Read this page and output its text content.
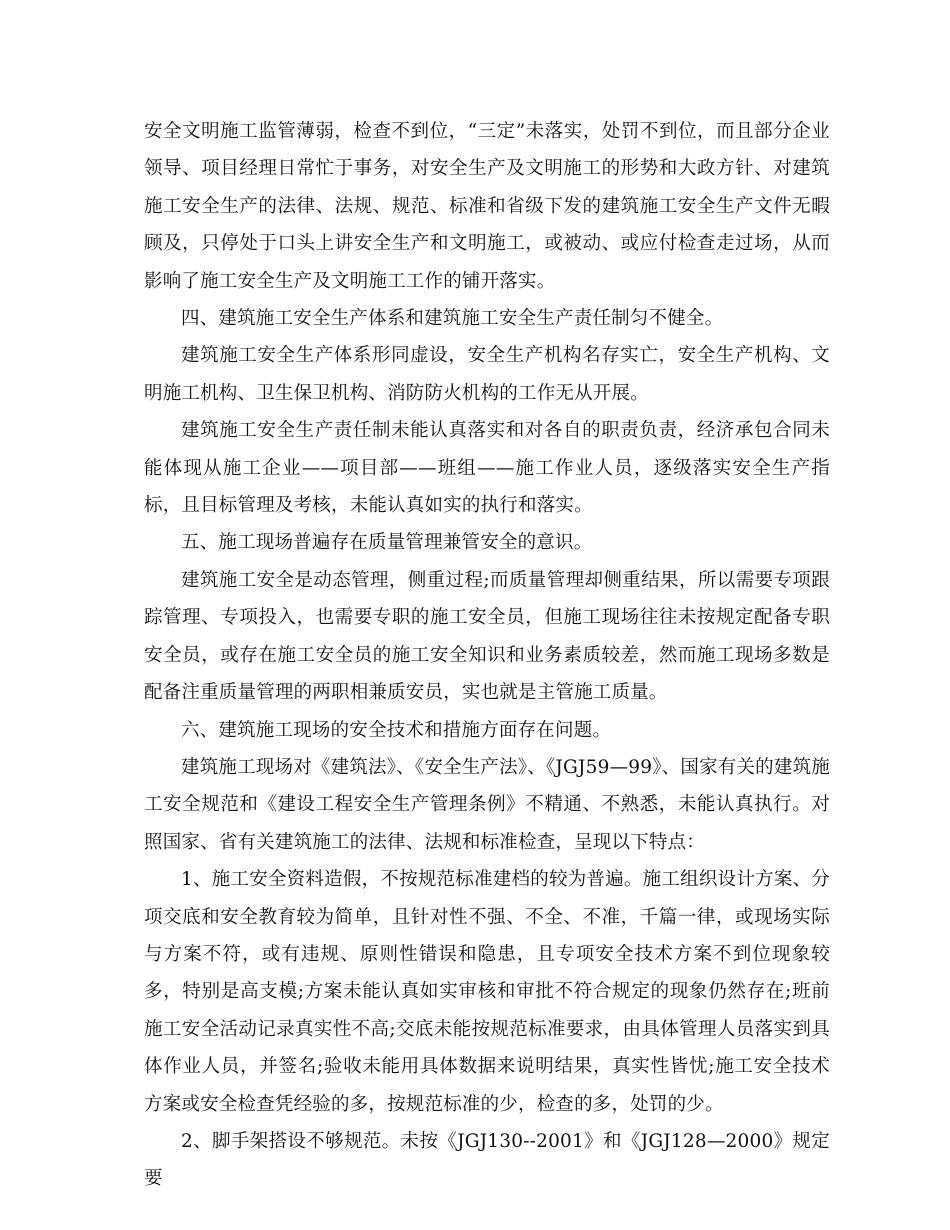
安全文明施工监管薄弱，检查不到位，“三定”未落实，处罚不到位，而且部分企业领导、项目经理日常忙于事务，对安全生产及文明施工的形势和大政方针、对建筑施工安全生产的法律、法规、规范、标准和省级下发的建筑施工安全生产文件无暇顾及，只停处于口头上讲安全生产和文明施工，或被动、或应付检查走过场，从而影响了施工安全生产及文明施工工作的铺开落实。

四、建筑施工安全生产体系和建筑施工安全生产责任制匀不健全。

建筑施工安全生产体系形同虚设，安全生产机构名存实亡，安全生产机构、文明施工机构、卫生保卫机构、消防防火机构的工作无从开展。

建筑施工安全生产责任制未能认真落实和对各自的职责负责，经济承包合同未能体现从施工企业——项目部——班组——施工作业人员，逐级落实安全生产指标，且目标管理及考核，未能认真如实的执行和落实。

五、施工现场普遍存在质量管理兼管安全的意识。

建筑施工安全是动态管理，侧重过程;而质量管理却侧重结果，所以需要专项跟踪管理、专项投入，也需要专职的施工安全员，但施工现场往往未按规定配备专职安全员，或存在施工安全员的施工安全知识和业务素质较差，然而施工现场多数是配备注重质量管理的两职相兼质安员，实也就是主管施工质量。

六、建筑施工现场的安全技术和措施方面存在问题。

建筑施工现场对《建筑法》、《安全生产法》、《JGJ59—99》、国家有关的建筑施工安全规范和《建设工程安全生产管理条例》不精通、不熟悉，未能认真执行。对照国家、省有关建筑施工的法律、法规和标准检查，呈现以下特点：

1、施工安全资料造假，不按规范标准建档的较为普遍。施工组织设计方案、分项交底和安全教育较为简单，且针对性不强、不全、不准，千篇一律，或现场实际与方案不符，或有违规、原则性错误和隐患，且专项安全技术方案不到位现象较多，特别是高支模;方案未能认真如实审核和审批不符合规定的现象仍然存在;班前施工安全活动记录真实性不高;交底未能按规范标准要求，由具体管理人员落实到具体作业人员，并签名;验收未能用具体数据来说明结果，真实性皆忧;施工安全技术方案或安全检查凭经验的多，按规范标准的少，检查的多，处罚的少。

2、脚手架搭设不够规范。未按《JGJ130--2001》和《JGJ128—2000》规定要
